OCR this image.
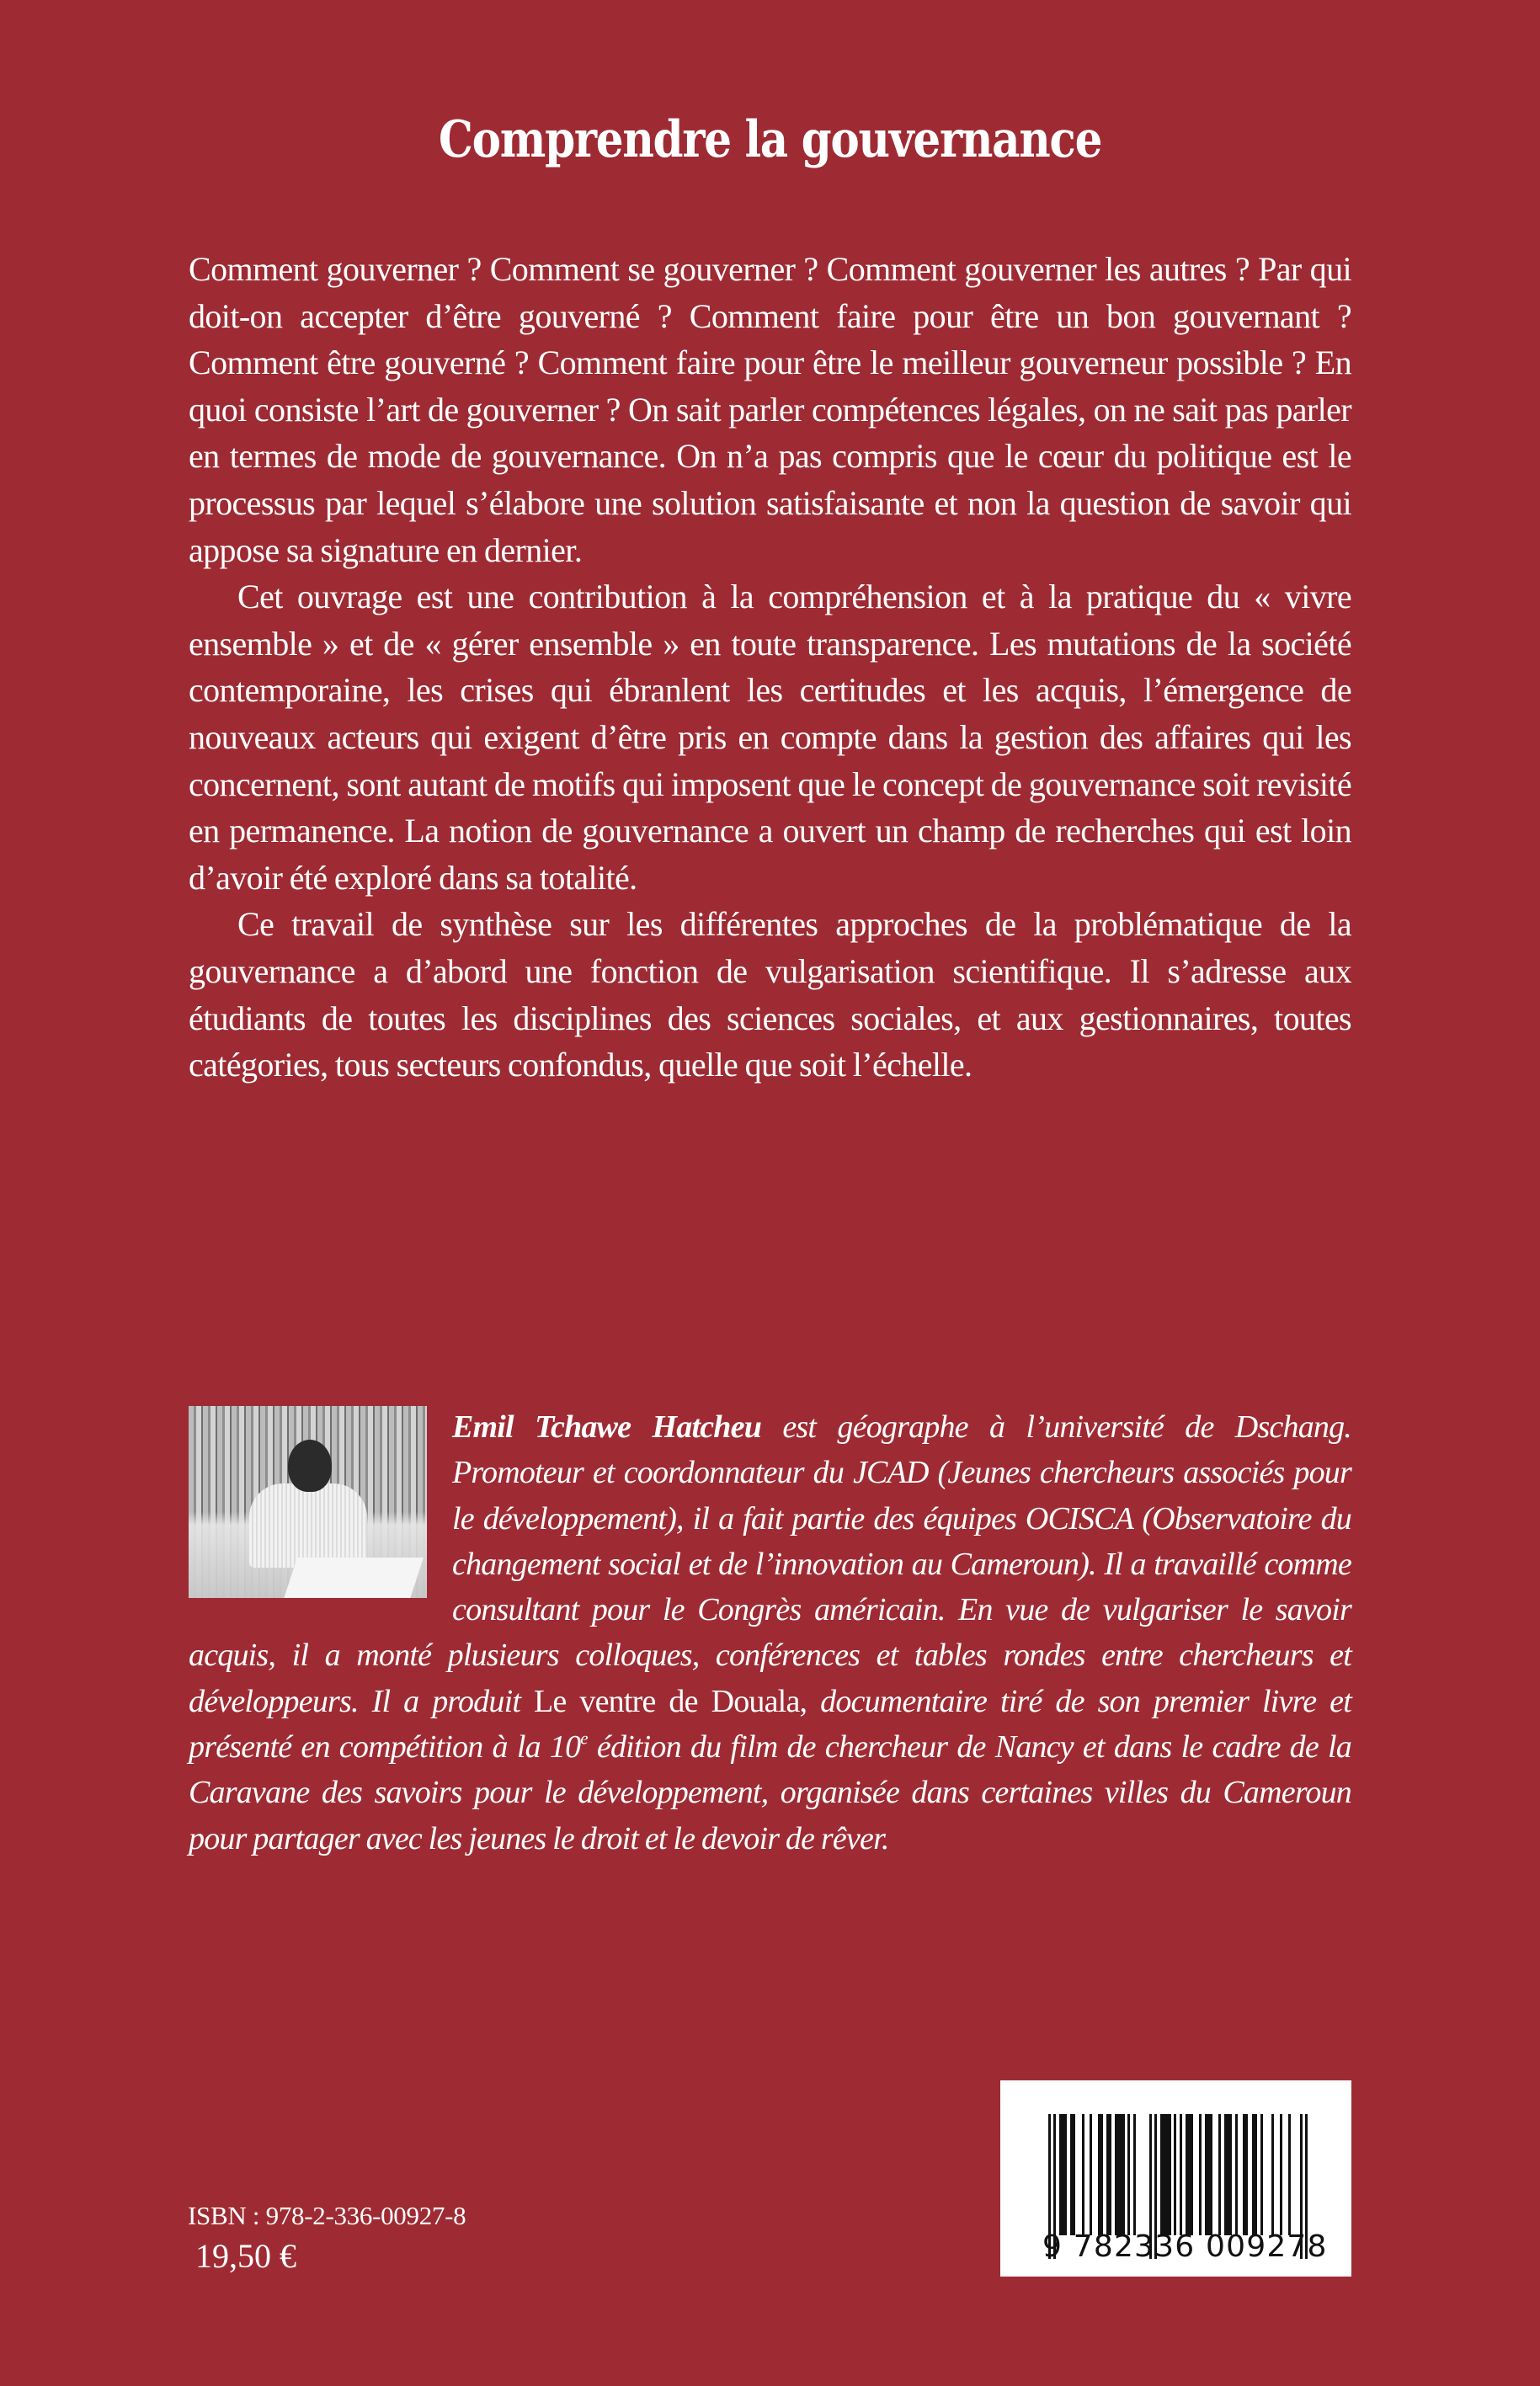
Comprendre la gouvernance

Comment gouverner ? Comment se gouverner ? Comment gouverner les autres ? Par qui doit-on accepter d’être gouverné ? Comment faire pour être un bon gouvernant ? Comment être gouverné ? Comment faire pour être le meilleur gouverneur possible ? En quoi consiste l’art de gouverner ? On sait parler compétences légales, on ne sait pas parler en termes de mode de gouvernance. On n’a pas compris que le cœur du politique est le processus par lequel s’élabore une solution satisfaisante et non la question de savoir qui appose sa signature en dernier.

Cet ouvrage est une contribution à la compréhension et à la pratique du « vivre ensemble » et de « gérer ensemble » en toute transparence. Les mutations de la société contemporaine, les crises qui ébranlent les certitudes et les acquis, l’émergence de nouveaux acteurs qui exigent d’être pris en compte dans la gestion des affaires qui les concernent, sont autant de motifs qui imposent que le concept de gouvernance soit revisité en permanence. La notion de gouvernance a ouvert un champ de recherches qui est loin d’avoir été exploré dans sa totalité.

Ce travail de synthèse sur les différentes approches de la problématique de la gouvernance a d’abord une fonction de vulgarisation scientifique. Il s’adresse aux étudiants de toutes les disciplines des sciences sociales, et aux gestionnaires, toutes catégories, tous secteurs confondus, quelle que soit l’échelle.

Emil Tchawe Hatcheu est géographe à l’université de Dschang. Promoteur et coordonnateur du JCAD (Jeunes chercheurs associés pour le développement), il a fait partie des équipes OCISCA (Observatoire du changement social et de l’innovation au Cameroun). Il a travaillé comme consultant pour le Congrès américain. En vue de vulgariser le savoir acquis, il a monté plusieurs colloques, conférences et tables rondes entre chercheurs et développeurs. Il a produit Le ventre de Douala, documentaire tiré de son premier livre et présenté en compétition à la 10e édition du film de chercheur de Nancy et dans le cadre de la Caravane des savoirs pour le développement, organisée dans certaines villes du Cameroun pour partager avec les jeunes le droit et le devoir de rêver.
ISBN : 978-2-336-00927-8
19,50 €	9 782336 009278
